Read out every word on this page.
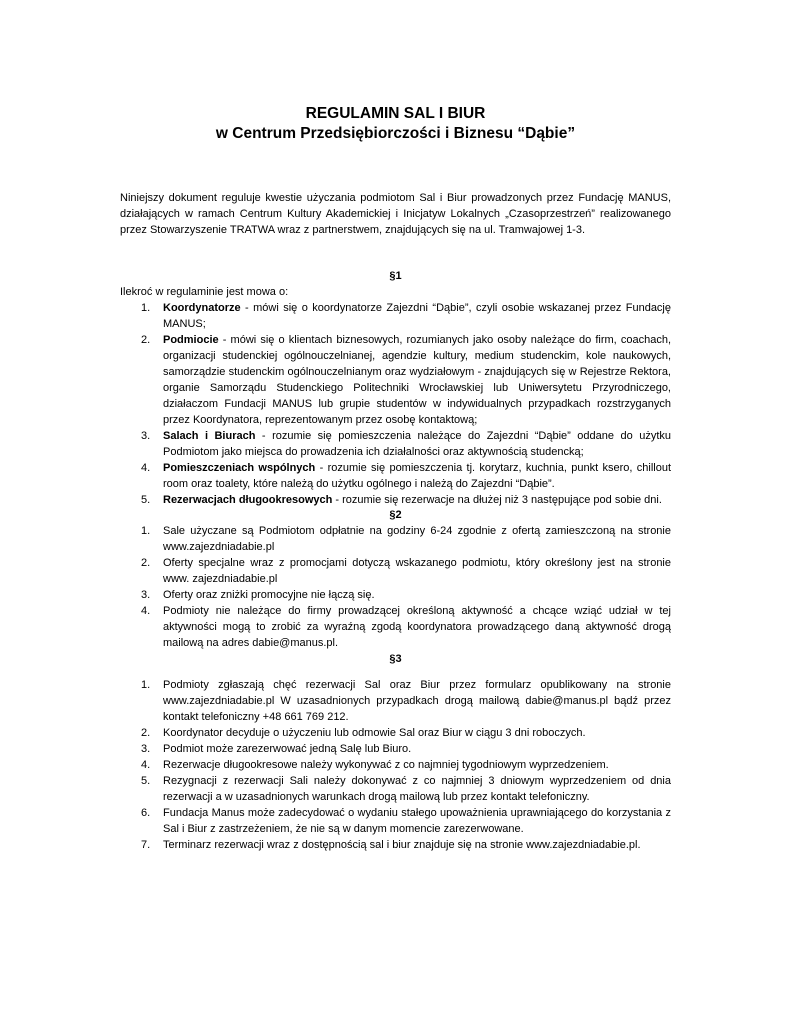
REGULAMIN SAL I BIUR
w Centrum Przedsiębiorczości i Biznesu “Dąbie”
Niniejszy dokument reguluje kwestie użyczania podmiotom Sal i Biur prowadzonych przez Fundację MANUS, działających w ramach Centrum Kultury Akademickiej i Inicjatyw Lokalnych „Czasoprzestrzeń” realizowanego przez Stowarzyszenie TRATWA wraz z partnerstwem, znajdujących się na ul. Tramwajowej 1-3.
§1
Ilekroć w regulaminie jest mowa o:
1. Koordynatorze - mówi się o koordynatorze Zajezdni “Dąbie”, czyli osobie wskazanej przez Fundację MANUS;
2. Podmiocie - mówi się o klientach biznesowych, rozumianych jako osoby należące do firm, coachach, organizacji studenckiej ogólnouczelnianej, agendzie kultury, medium studenckim, kole naukowych, samorządzie studenckim ogólnouczelnianym oraz wydziałowym - znajdujących się w Rejestrze Rektora, organie Samorządu Studenckiego Politechniki Wrocławskiej lub Uniwersytetu Przyrodniczego, działaczom Fundacji MANUS lub grupie studentów w indywidualnych przypadkach rozstrzyganych przez Koordynatora, reprezentowanym przez osobę kontaktową;
3. Salach i Biurach - rozumie się pomieszczenia należące do Zajezdni “Dąbie” oddane do użytku Podmiotom jako miejsca do prowadzenia ich działalności oraz aktywnością studencką;
4. Pomieszczeniach wspólnych - rozumie się pomieszczenia tj. korytarz, kuchnia, punkt ksero, chillout room oraz toalety, które należą do użytku ogólnego i należą do Zajezdni “Dąbie”.
5. Rezerwacjach długookresowych - rozumie się rezerwacje na dłużej niż 3 następujące pod sobie dni.
§2
1. Sale użyczane są Podmiotom odpłatnie na godziny 6-24 zgodnie z ofertą zamieszczoną na stronie www.zajezdniadabie.pl
2. Oferty specjalne wraz z promocjami dotyczą wskazanego podmiotu, który określony jest na stronie www. zajezdniadabie.pl
3. Oferty oraz zniżki promocyjne nie łączą się.
4. Podmioty nie należące do firmy prowadzącej określoną aktywność a chcące wziąć udział w tej aktywności mogą to zrobić za wyraźną zgodą koordynatora prowadzącego daną aktywność drogą mailową na adres dabie@manus.pl.
§3
1. Podmioty zgłaszają chęć rezerwacji Sal oraz Biur przez formularz opublikowany na stronie www.zajezdniadabie.pl W uzasadnionych przypadkach drogą mailową dabie@manus.pl bądź przez kontakt telefoniczny +48 661 769 212.
2. Koordynator decyduje o użyczeniu lub odmowie Sal oraz Biur w ciągu 3 dni roboczych.
3. Podmiot może zarezerwować jedną Salę lub Biuro.
4. Rezerwacje długookresowe należy wykonywać z co najmniej tygodniowym wyprzedzeniem.
5. Rezygnacji z rezerwacji Sali należy dokonywać z co najmniej 3 dniowym wyprzedzeniem od dnia rezerwacji a w uzasadnionych warunkach drogą mailową lub przez kontakt telefoniczny.
6. Fundacja Manus może zadecydować o wydaniu stałego upoważnienia uprawniającego do korzystania z Sal i Biur z zastrzeżeniem, że nie są w danym momencie zarezerwowane.
7. Terminarz rezerwacji wraz z dostępnością sal i biur znajduje się na stronie www.zajezdniadabie.pl.
